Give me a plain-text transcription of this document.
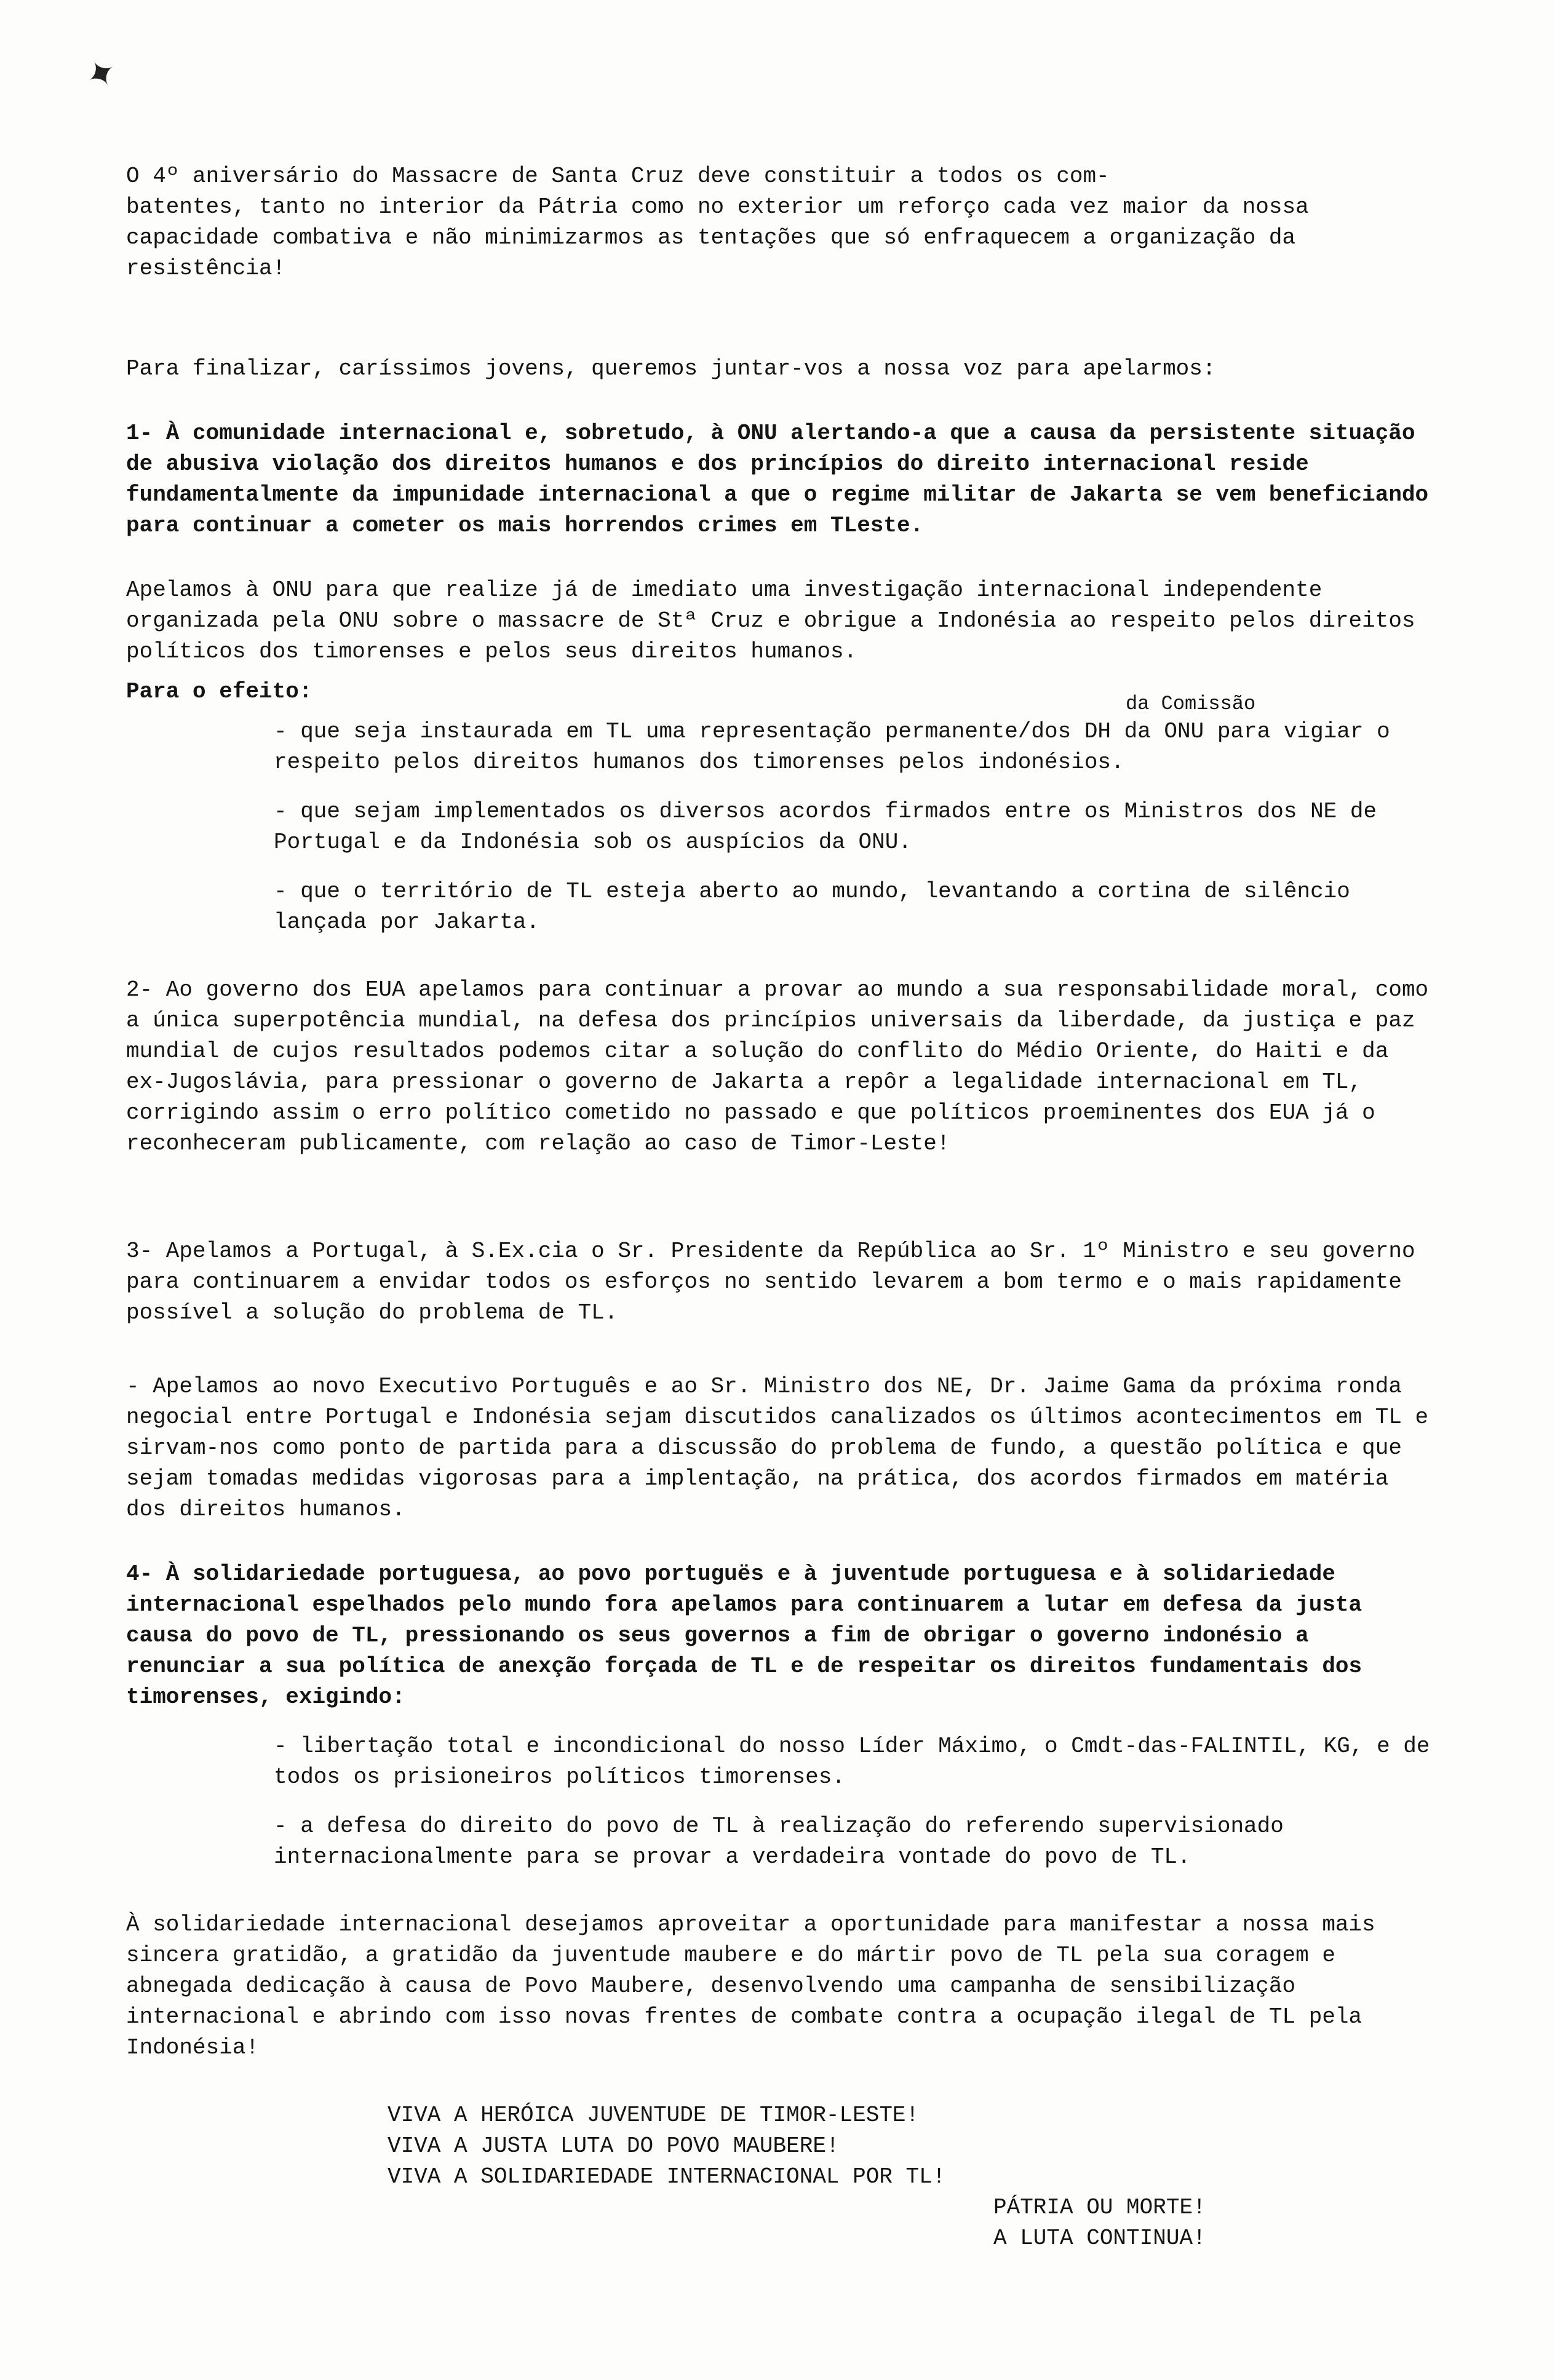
✦

O 4º aniversário do Massacre de Santa Cruz deve constituir a todos os com-
batentes, tanto no interior da Pátria como no exterior um reforço cada vez maior da nossa capacidade combativa e não minimizarmos as tentações que só enfraquecem a organização da resistência!

Para finalizar, caríssimos jovens, queremos juntar-vos a nossa voz para apelarmos:

1- À comunidade internacional e, sobretudo, à ONU alertando-a que a causa da persistente situação de abusiva violação dos direitos humanos e dos princípios do direito internacional reside fundamentalmente da impunidade internacional a que o regime militar de Jakarta se vem beneficiando para continuar a cometer os mais horrendos crimes em TLeste.

Apelamos à ONU para que realize já de imediato uma investigação internacional independente organizada pela ONU sobre o massacre de Stª Cruz e obrigue a Indonésia ao respeito pelos direitos políticos dos timorenses e pelos seus direitos humanos.

Para o efeito:	da Comissão
- que seja instaurada em TL uma representação permanente/dos DH da ONU para vigiar o respeito pelos direitos humanos dos timorenses pelos indonésios.
- que sejam implementados os diversos acordos firmados entre os Ministros dos NE de Portugal e da Indonésia sob os auspícios da ONU.
- que o território de TL esteja aberto ao mundo, levantando a cortina de silêncio lançada por Jakarta.

2- Ao governo dos EUA apelamos para continuar a provar ao mundo a sua responsabilidade moral, como a única superpotência mundial, na defesa dos princípios universais da liberdade, da justiça e paz mundial de cujos resultados podemos citar a solução do conflito do Médio Oriente, do Haiti e da ex-Jugoslávia, para pressionar o governo de Jakarta a repôr a legalidade internacional em TL, corrigindo assim o erro político cometido no passado e que políticos proeminentes dos EUA já o reconheceram publicamente, com relação ao caso de Timor-Leste!

3- Apelamos a Portugal, à S.Ex.cia o Sr. Presidente da República ao Sr. 1º Ministro e seu governo para continuarem a envidar todos os esforços no sentido levarem a bom termo e o mais rapidamente possível a solução do problema de TL.

- Apelamos ao novo Executivo Português e ao Sr. Ministro dos NE, Dr. Jaime Gama da próxima ronda negocial entre Portugal e Indonésia sejam discutidos canalizados os últimos acontecimentos em TL e sirvam-nos como ponto de partida para a discussão do problema de fundo, a questão política e que sejam tomadas medidas vigorosas para a implentação, na prática, dos acordos firmados em matéria dos direitos humanos.

4- À solidariedade portuguesa, ao povo portuguës e à juventude portuguesa e à solidariedade internacional espelhados pelo mundo fora apelamos para continuarem a lutar em defesa da justa causa do povo de TL, pressionando os seus governos a fim de obrigar o governo indonésio a renunciar a sua política de anexção forçada de TL e de respeitar os direitos fundamentais dos timorenses, exigindo:

- libertação total e incondicional do nosso Líder Máximo, o Cmdt-das-FALINTIL, KG, e de todos os prisioneiros políticos timorenses.
- a defesa do direito do povo de TL à realização do referendo supervisionado internacionalmente para se provar a verdadeira vontade do povo de TL.

À solidariedade internacional desejamos aproveitar a oportunidade para manifestar a nossa mais sincera gratidão, a gratidão da juventude maubere e do mártir povo de TL pela sua coragem e abnegada dedicação à causa de Povo Maubere, desenvolvendo uma campanha de sensibilização internacional e abrindo com isso novas frentes de combate contra a ocupação ilegal de TL pela Indonésia!

VIVA A HERÓICA JUVENTUDE DE TIMOR-LESTE!
VIVA A JUSTA LUTA DO POVO MAUBERE!
VIVA A SOLIDARIEDADE INTERNACIONAL POR TL!
PÁTRIA OU MORTE!
A LUTA CONTINUA!
